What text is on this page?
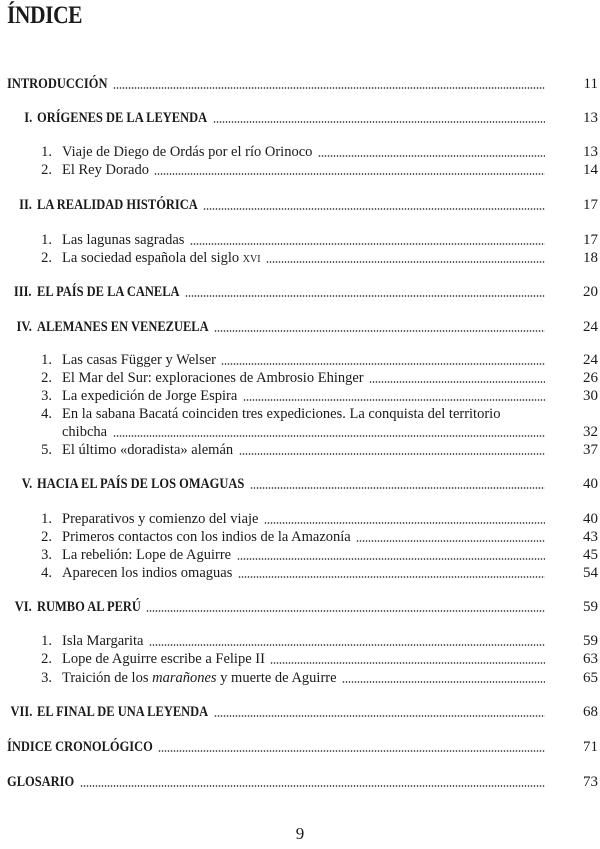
ÍNDICE
INTRODUCCIÓN	11
I. ORÍGENES DE LA LEYENDA	13
1. Viaje de Diego de Ordás por el río Orinoco	13
2. El Rey Dorado	14
II. LA REALIDAD HISTÓRICA	17
1. Las lagunas sagradas	17
2. La sociedad española del siglo xvi	18
III. EL PAÍS DE LA CANELA	20
IV. ALEMANES EN VENEZUELA	24
1. Las casas Függer y Welser	24
2. El Mar del Sur: exploraciones de Ambrosio Ehinger	26
3. La expedición de Jorge Espira	30
4. En la sabana Bacatá coinciden tres expediciones. La conquista del territorio
chibcha	32
5. El último «doradista» alemán	37
V. HACIA EL PAÍS DE LOS OMAGUAS	40
1. Preparativos y comienzo del viaje	40
2. Primeros contactos con los indios de la Amazonía	43
3. La rebelión: Lope de Aguirre	45
4. Aparecen los indios omaguas	54
VI. RUMBO AL PERÚ	59
1. Isla Margarita	59
2. Lope de Aguirre escribe a Felipe II	63
3. Traición de los marañones y muerte de Aguirre	65
VII. EL FINAL DE UNA LEYENDA	68
ÍNDICE CRONOLÓGICO	71
GLOSARIO	73
9
